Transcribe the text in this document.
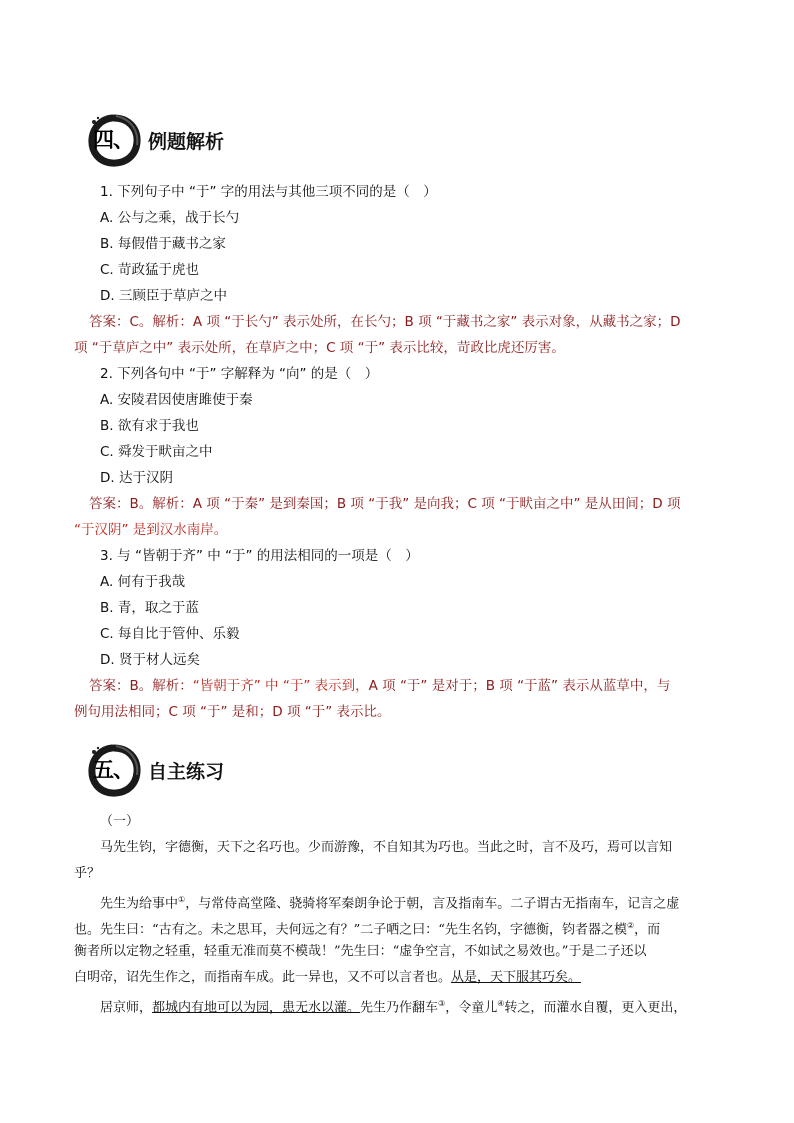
四、 例题解析
1. 下列句子中 “于” 字的用法与其他三项不同的是（　）
A. 公与之乘，战于长勺
B. 每假借于藏书之家
C. 苛政猛于虎也
D. 三顾臣于草庐之中
答案：C。解析：A 项 “于长勺” 表示处所，在长勺；B 项 “于藏书之家” 表示对象，从藏书之家；D
项 “于草庐之中” 表示处所，在草庐之中；C 项 “于” 表示比较，苛政比虎还厉害。
2. 下列各句中 “于” 字解释为 “向” 的是（　）
A. 安陵君因使唐雎使于秦
B. 欲有求于我也
C. 舜发于畎亩之中
D. 达于汉阴
答案：B。解析：A 项 “于秦” 是到秦国；B 项 “于我” 是向我；C 项 “于畎亩之中” 是从田间；D 项
“于汉阴” 是到汉水南岸。
3. 与 “皆朝于齐” 中 “于” 的用法相同的一项是（　）
A. 何有于我哉
B. 青，取之于蓝
C. 每自比于管仲、乐毅
D. 贤于材人远矣
答案：B。解析：“皆朝于齐” 中 “于” 表示到，A 项 “于” 是对于；B 项 “于蓝” 表示从蓝草中，与
例句用法相同；C 项 “于” 是和；D 项 “于” 表示比。
五、 自主练习
（一）
马先生钧，字德衡，天下之名巧也。少而游豫，不自知其为巧也。当此之时，言不及巧，焉可以言知
乎？
先生为给事中①，与常侍高堂隆、骁骑将军秦朗争论于朝，言及指南车。二子谓古无指南车，记言之虚
也。先生曰：“古有之。未之思耳，夫何远之有？”二子哂之曰：“先生名钧，字德衡，钧者器之模②，而
衡者所以定物之轻重，轻重无准而莫不模哉！”先生曰：“虚争空言，不如试之易效也。”于是二子还以
白明帝，诏先生作之，而指南车成。此一异也，又不可以言者也。从是，天下服其巧矣。
居京师，都城内有地可以为园，患无水以灌。先生乃作翻车③，令童儿④转之，而灌水自覆，更入更出，
